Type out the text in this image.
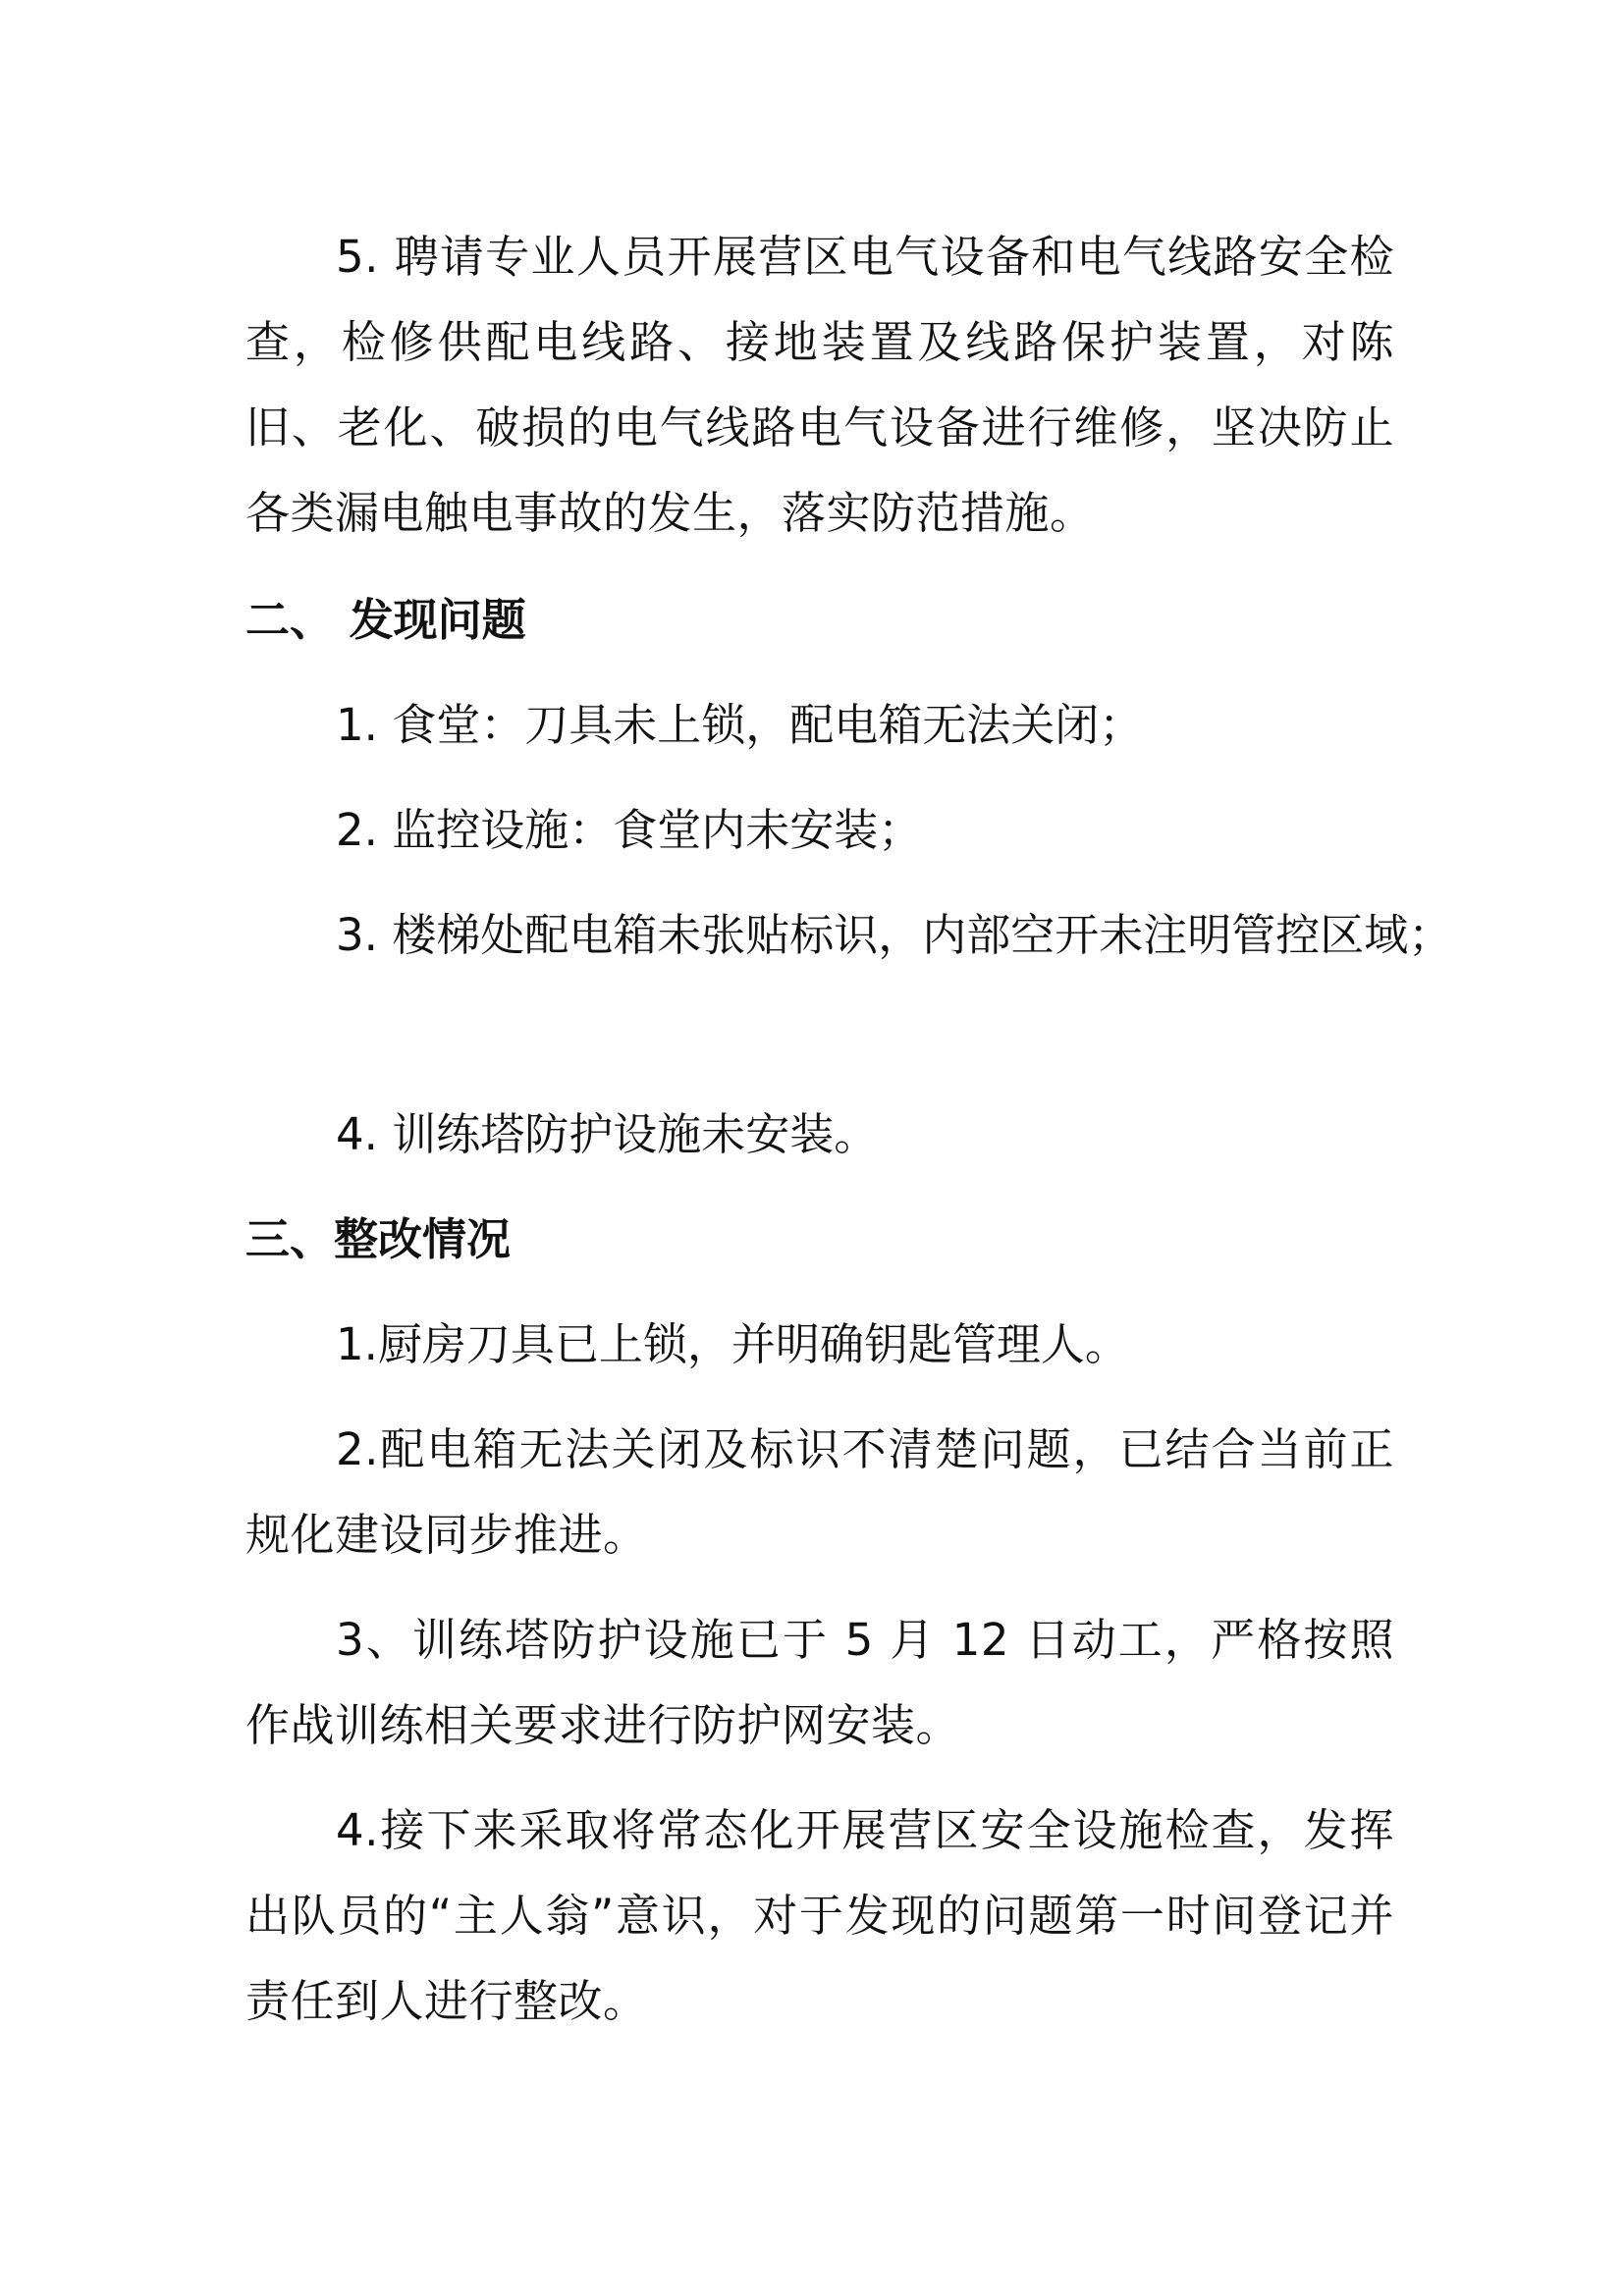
5. 聘请专业人员开展营区电气设备和电气线路安全检查，检修供配电线路、接地装置及线路保护装置，对陈旧、老化、破损的电气线路电气设备进行维修，坚决防止各类漏电触电事故的发生，落实防范措施。

二、 发现问题

1. 食堂：刀具未上锁，配电箱无法关闭；

2. 监控设施：食堂内未安装；

3. 楼梯处配电箱未张贴标识，内部空开未注明管控区域；

4. 训练塔防护设施未安装。

三、整改情况

1.厨房刀具已上锁，并明确钥匙管理人。

2.配电箱无法关闭及标识不清楚问题，已结合当前正规化建设同步推进。

3、训练塔防护设施已于 5 月 12 日动工，严格按照作战训练相关要求进行防护网安装。

4.接下来采取将常态化开展营区安全设施检查，发挥出队员的“主人翁”意识，对于发现的问题第一时间登记并责任到人进行整改。
